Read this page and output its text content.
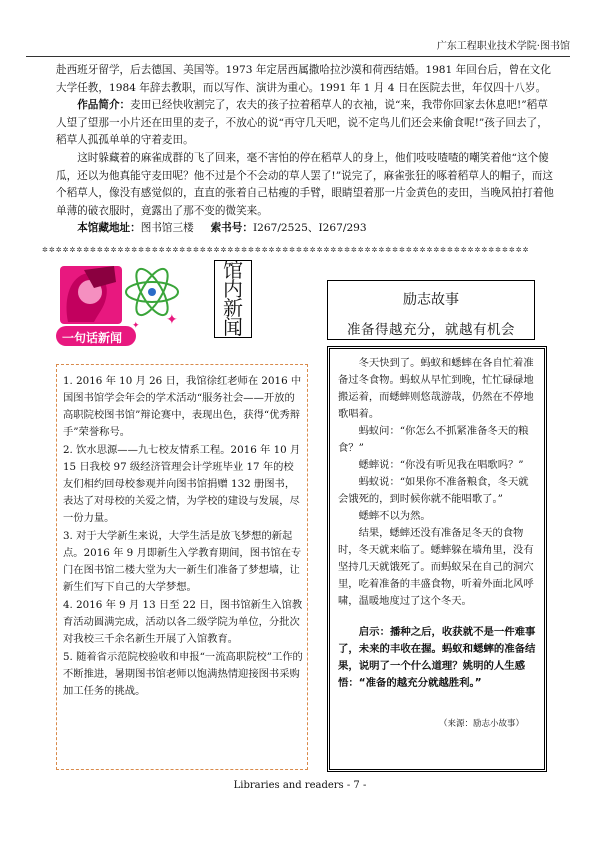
广东工程职业技术学院·图书馆

赴西班牙留学，后去德国、美国等。1973 年定居西属撒哈拉沙漠和荷西结婚。1981 年回台后，曾在文化大学任教，1984 年辞去教职，而以写作、演讲为重心。1991 年 1 月 4 日在医院去世，年仅四十八岁。

作品简介：麦田已经快收割完了，农夫的孩子拉着稻草人的衣袖，说“来，我带你回家去休息吧!”稻草人望了望那一小片还在田里的麦子，不放心的说“再守几天吧，说不定鸟儿们还会来偷食呢!”孩子回去了，稻草人孤孤单单的守着麦田。

这时躲藏着的麻雀成群的飞了回来，毫不害怕的停在稻草人的身上，他们吱吱喳喳的嘲笑着他“这个傻瓜，还以为他真能守麦田呢？他不过是个不会动的草人罢了!”说完了，麻雀张狂的啄着稻草人的帽子，而这个稻草人，像没有感觉似的，直直的张着自己枯瘦的手臂，眼睛望着那一片金黄色的麦田，当晚风拍打着他单薄的破衣服时，竟露出了那不变的微笑来。

本馆藏地址：图书馆三楼 索书号：I267/2525、I267/293

✲✲✲✲✲✲✲✲✲✲✲✲✲✲✲✲✲✲✲✲✲✲✲✲✲✲✲✲✲✲✲✲✲✲✲✲✲✲✲✲✲✲✲✲✲✲✲✲✲✲✲✲✲✲✲✲✲✲✲✲✲✲✲✲✲✲✲✲✲✲✲
✦
✦
一句话新闻
馆
内
新
闻

1. 2016 年 10 月 26 日，我馆徐红老师在 2016 中国图书馆学会年会的学术活动“服务社会——开放的高职院校图书馆”辩论赛中，表现出色，获得“优秀辩手”荣誉称号。

2. 饮水思源——九七校友情系工程。2016 年 10 月 15 日我校 97 级经济管理会计学班毕业 17 年的校友们相约回母校参观并向图书馆捐赠 132 册图书，表达了对母校的关爱之情，为学校的建设与发展，尽一份力量。

3. 对于大学新生来说，大学生活是放飞梦想的新起点。2016 年 9 月即新生入学教育期间，图书馆在专门在图书馆二楼大堂为大一新生们准备了梦想墙，让新生们写下自己的大学梦想。

4. 2016 年 9 月 13 日至 22 日，图书馆新生入馆教育活动圆满完成，活动以各二级学院为单位，分批次对我校三千余名新生开展了入馆教育。

5. 随着省示范院校验收和申报“一流高职院校”工作的不断推进，暑期图书馆老师以饱满热情迎接图书采购加工任务的挑战。

励志故事
准备得越充分，就越有机会

冬天快到了。蚂蚁和蟋蟀在各自忙着准备过冬食物。蚂蚁从早忙到晚，忙忙碌碌地搬运着，而蟋蟀则悠哉游哉，仍然在不停地歌唱着。

蚂蚁问：“你怎么不抓紧准备冬天的粮食？”

蟋蟀说：“你没有听见我在唱歌吗？”

蚂蚁说：“如果你不准备粮食，冬天就会饿死的，到时候你就不能唱歌了。”

蟋蟀不以为然。

结果，蟋蟀还没有准备足冬天的食物时，冬天就来临了。蟋蟀躲在墙角里，没有坚持几天就饿死了。而蚂蚁呆在自己的洞穴里，吃着准备的丰盛食物，听着外面北风呼啸，温暖地度过了这个冬天。

启示：播种之后，收获就不是一件难事了，未来的丰收在握。蚂蚁和蟋蟀的准备结果，说明了一个什么道理？姚明的人生感悟：“准备的越充分就越胜利。”

（来源：励志小故事）

Libraries and readers - 7 -
